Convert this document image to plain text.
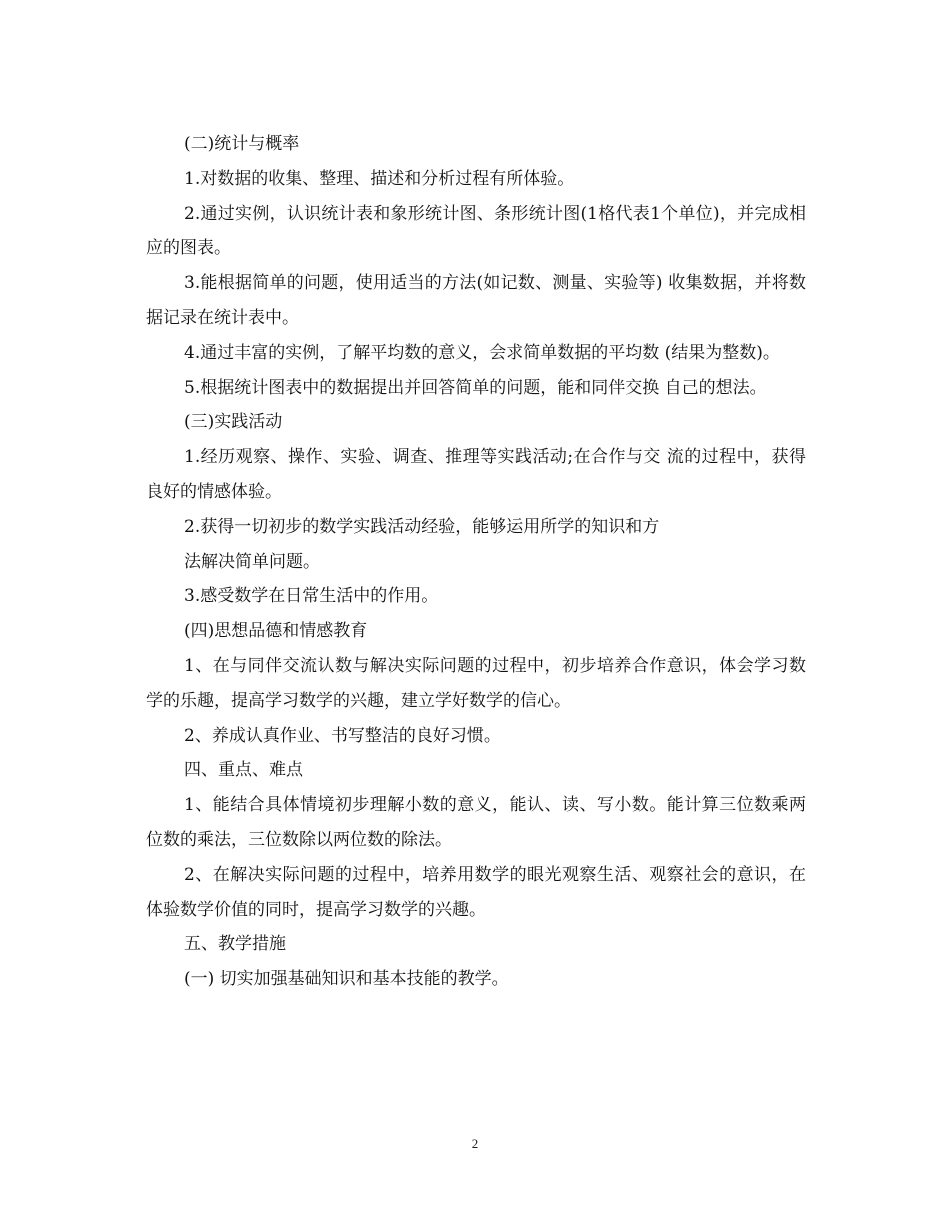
(二)统计与概率

1.对数据的收集、整理、描述和分析过程有所体验。

2.通过实例，认识统计表和象形统计图、条形统计图(1格代表1个单位)，并完成相应的图表。

3.能根据简单的问题，使用适当的方法(如记数、测量、实验等) 收集数据，并将数据记录在统计表中。

4.通过丰富的实例，了解平均数的意义，会求简单数据的平均数 (结果为整数)。

5.根据统计图表中的数据提出并回答简单的问题，能和同伴交换 自己的想法。

(三)实践活动

1.经历观察、操作、实验、调查、推理等实践活动;在合作与交 流的过程中，获得良好的情感体验。

2.获得一切初步的数学实践活动经验，能够运用所学的知识和方

法解决简单问题。

3.感受数学在日常生活中的作用。

(四)思想品德和情感教育

1、在与同伴交流认数与解决实际问题的过程中，初步培养合作意识，体会学习数学的乐趣，提高学习数学的兴趣，建立学好数学的信心。

2、养成认真作业、书写整洁的良好习惯。

四、重点、难点

1、能结合具体情境初步理解小数的意义，能认、读、写小数。能计算三位数乘两位数的乘法，三位数除以两位数的除法。

2、在解决实际问题的过程中，培养用数学的眼光观察生活、观察社会的意识，在体验数学价值的同时，提高学习数学的兴趣。

五、教学措施

(一) 切实加强基础知识和基本技能的教学。

2
